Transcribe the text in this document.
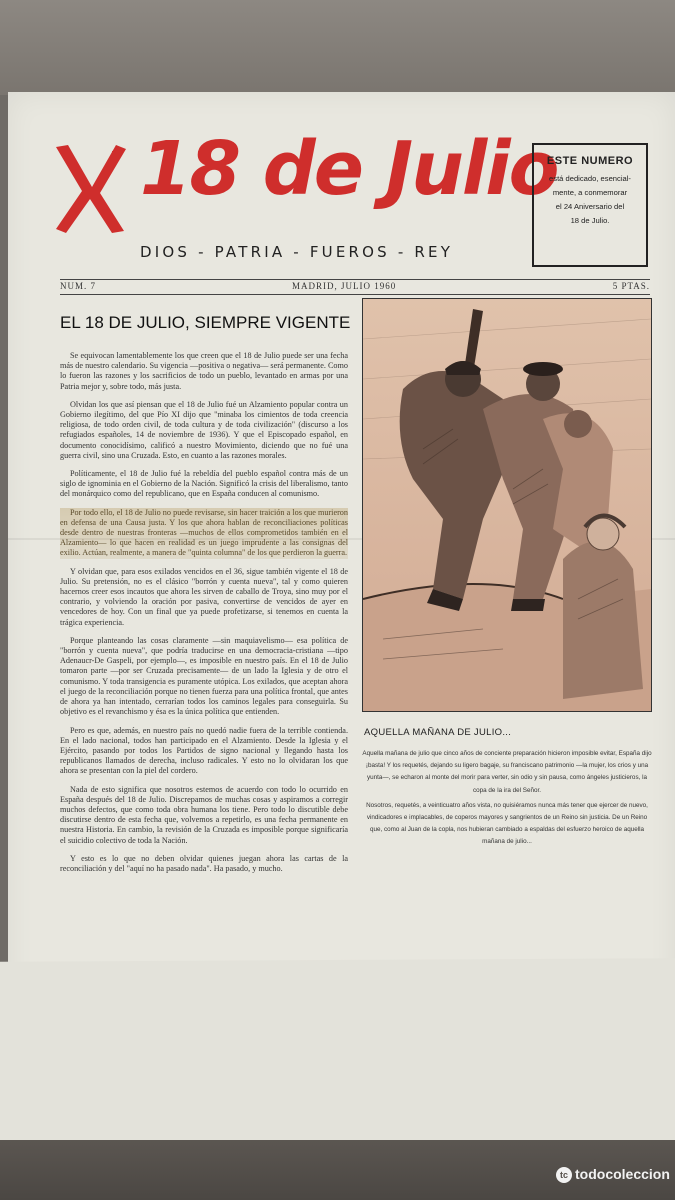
18 de Julio
DIOS - PATRIA - FUEROS - REY
ESTE NUMERO
está dedicado, esencial-
mente, a conmemorar
el 24 Aniversario del
18 de Julio.
NUM. 7	MADRID, JULIO 1960	5 PTAS.
EL 18 DE JULIO, SIEMPRE VIGENTE

Se equivocan lamentablemente los que creen que el 18 de Julio puede ser una fecha más de nuestro calendario. Su vigencia —positiva o negativa— será permanente. Como lo fueron las razones y los sacrificios de todo un pueblo, levantado en armas por una Patria mejor y, sobre todo, más justa.

Olvidan los que así piensan que el 18 de Julio fué un Alzamiento popular contra un Gobierno ilegítimo, del que Pío XI dijo que "minaba los cimientos de toda creencia religiosa, de todo orden civil, de toda cultura y de toda civilización" (discurso a los refugiados españoles, 14 de noviembre de 1936). Y que el Episcopado español, en documento conocidísimo, calificó a nuestro Movimiento, diciendo que no fué una guerra civil, sino una Cruzada. Esto, en cuanto a las razones morales.

Políticamente, el 18 de Julio fué la rebeldía del pueblo español contra más de un siglo de ignominia en el Gobierno de la Nación. Significó la crisis del liberalismo, tanto del monárquico como del republicano, que en España conducen al comunismo.

Por todo ello, el 18 de Julio no puede revisarse, sin hacer traición a los que murieron en defensa de una Causa justa. Y los que ahora hablan de reconciliaciones políticas desde dentro de nuestras fronteras —muchos de ellos comprometidos también en el Alzamiento— lo que hacen en realidad es un juego imprudente a las consignas del exilio. Actúan, realmente, a manera de "quinta columna" de los que perdieron la guerra.

Y olvidan que, para esos exilados vencidos en el 36, sigue también vigente el 18 de Julio. Su pretensión, no es el clásico "borrón y cuenta nueva", tal y como quieren hacernos creer esos incautos que ahora les sirven de caballo de Troya, sino muy por el contrario, y volviendo la oración por pasiva, convertirse de vencidos de ayer en vencedores de hoy. Con un final que ya puede profetizarse, si tenemos en cuenta la trágica experiencia.

Porque planteando las cosas claramente —sin maquiavelismo— esa política de "borrón y cuenta nueva", que podría traducirse en una democracia-cristiana —tipo Adenaucr-De Gaspeli, por ejemplo—, es imposible en nuestro país. En el 18 de Julio tomaron parte —por ser Cruzada precisamente— de un lado la Iglesia y de otro el comunismo. Y toda transigencia es puramente utópica. Los exilados, que aceptan ahora el juego de la reconciliación porque no tienen fuerza para una política frontal, que antes de ahora ya han intentado, cerrarían todos los caminos legales para conseguirla. Su objetivo es el revanchismo y ésa es la única política que entienden.

Pero es que, además, en nuestro país no quedó nadie fuera de la terrible contienda. En el lado nacional, todos han participado en el Alzamiento. Desde la Iglesia y el Ejército, pasando por todos los Partidos de signo nacional y llegando hasta los republicanos llamados de derecha, incluso radicales. Y esto no lo olvidaran los que ahora se presentan con la piel del cordero.

Nada de esto significa que nosotros estemos de acuerdo con todo lo ocurrido en España después del 18 de Julio. Discrepamos de muchas cosas y aspiramos a corregir muchos defectos, que como toda obra humana los tiene. Pero todo lo discutible debe discutirse dentro de esta fecha que, volvemos a repetirlo, es una fecha permanente en nuestra Historia. En cambio, la revisión de la Cruzada es imposible porque significaría el suicidio colectivo de toda la Nación.

Y esto es lo que no deben olvidar quienes juegan ahora las cartas de la reconciliación y del "aquí no ha pasado nada". Ha pasado, y mucho.

AQUELLA MAÑANA DE JULIO...

Aquella mañana de julio que cinco años de conciente preparación hicieron imposible evitar, España dijo ¡basta! Y los requetés, dejando su ligero bagaje, su franciscano patrimonio —la mujer, los crios y una yunta—, se echaron al monte del morir para verter, sin odio y sin pausa, como ángeles justicieros, la copa de la ira del Señor.

Nosotros, requetés, a veinticuatro años vista, no quisiéramos nunca más tener que ejercer de nuevo, vindicadores e implacables, de coperos mayores y sangrientos de un Reino sin justicia. De un Reino que, como al Juan de la copla, nos hubieran cambiado a espaldas del esfuerzo heroico de aquella mañana de julio...

tc todocoleccion
